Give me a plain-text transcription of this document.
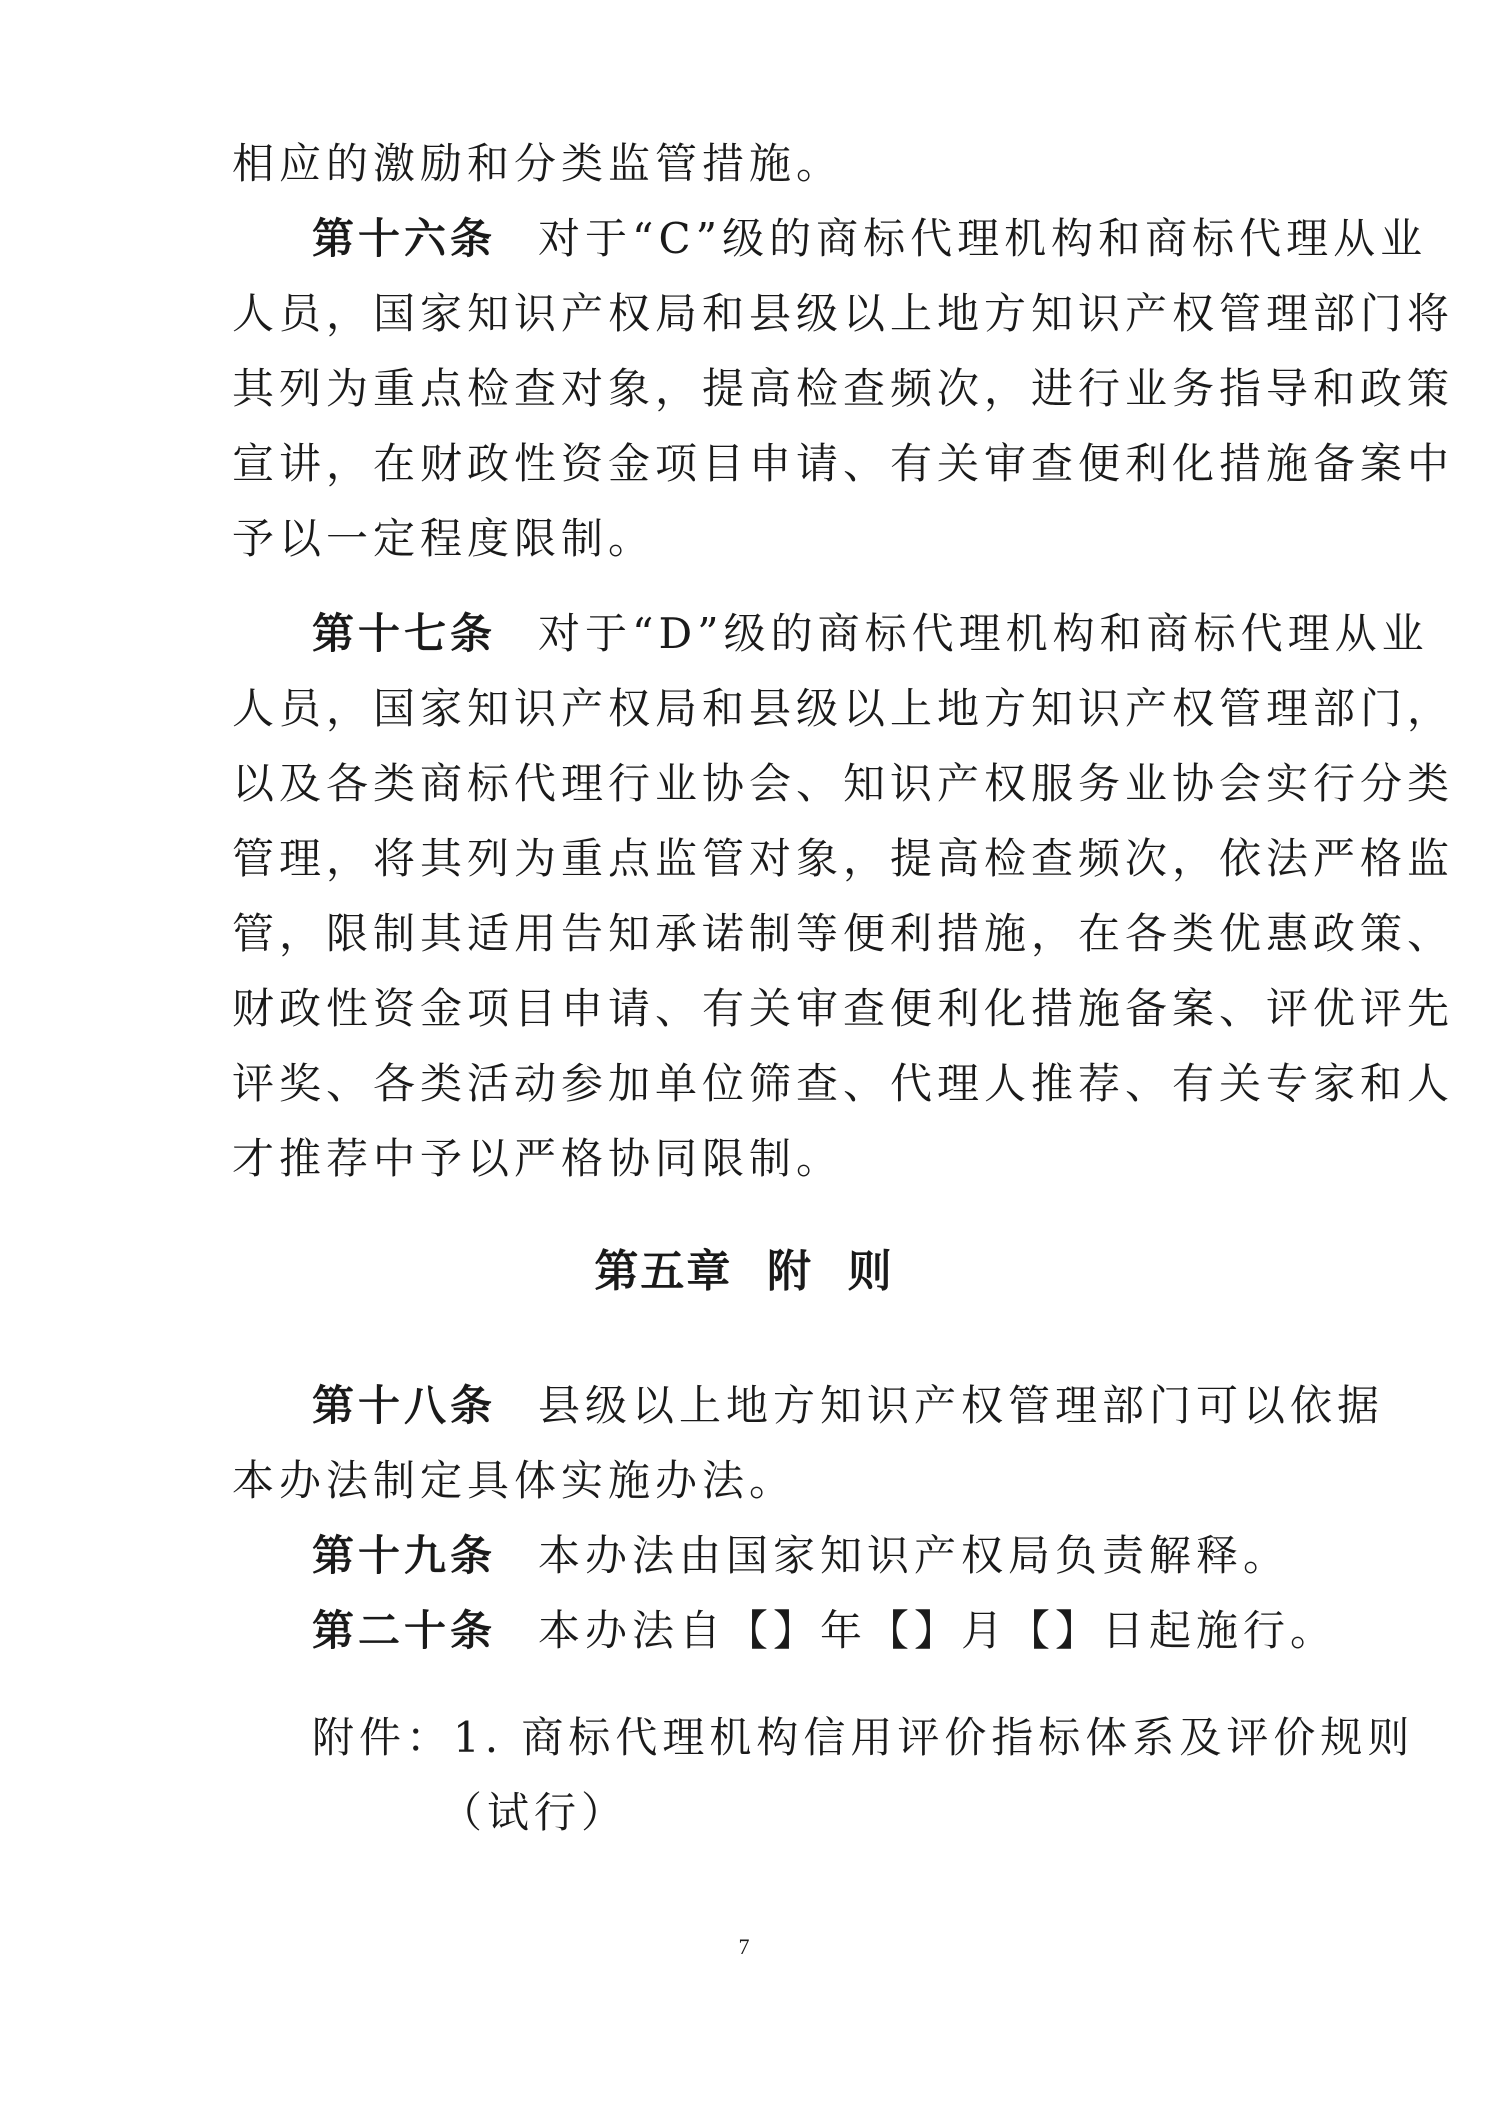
相应的激励和分类监管措施。
第十六条 对于“C”级的商标代理机构和商标代理从业
人员，国家知识产权局和县级以上地方知识产权管理部门将
其列为重点检查对象，提高检查频次，进行业务指导和政策
宣讲，在财政性资金项目申请、有关审查便利化措施备案中
予以一定程度限制。
第十七条 对于“D”级的商标代理机构和商标代理从业
人员，国家知识产权局和县级以上地方知识产权管理部门，
以及各类商标代理行业协会、知识产权服务业协会实行分类
管理，将其列为重点监管对象，提高检查频次，依法严格监
管，限制其适用告知承诺制等便利措施，在各类优惠政策、
财政性资金项目申请、有关审查便利化措施备案、评优评先
评奖、各类活动参加单位筛查、代理人推荐、有关专家和人
才推荐中予以严格协同限制。
第五章  附  则
第十八条 县级以上地方知识产权管理部门可以依据
本办法制定具体实施办法。
第十九条 本办法由国家知识产权局负责解释。
第二十条 本办法自【】年【】月【】日起施行。
附件：1. 商标代理机构信用评价指标体系及评价规则
（试行）
7
